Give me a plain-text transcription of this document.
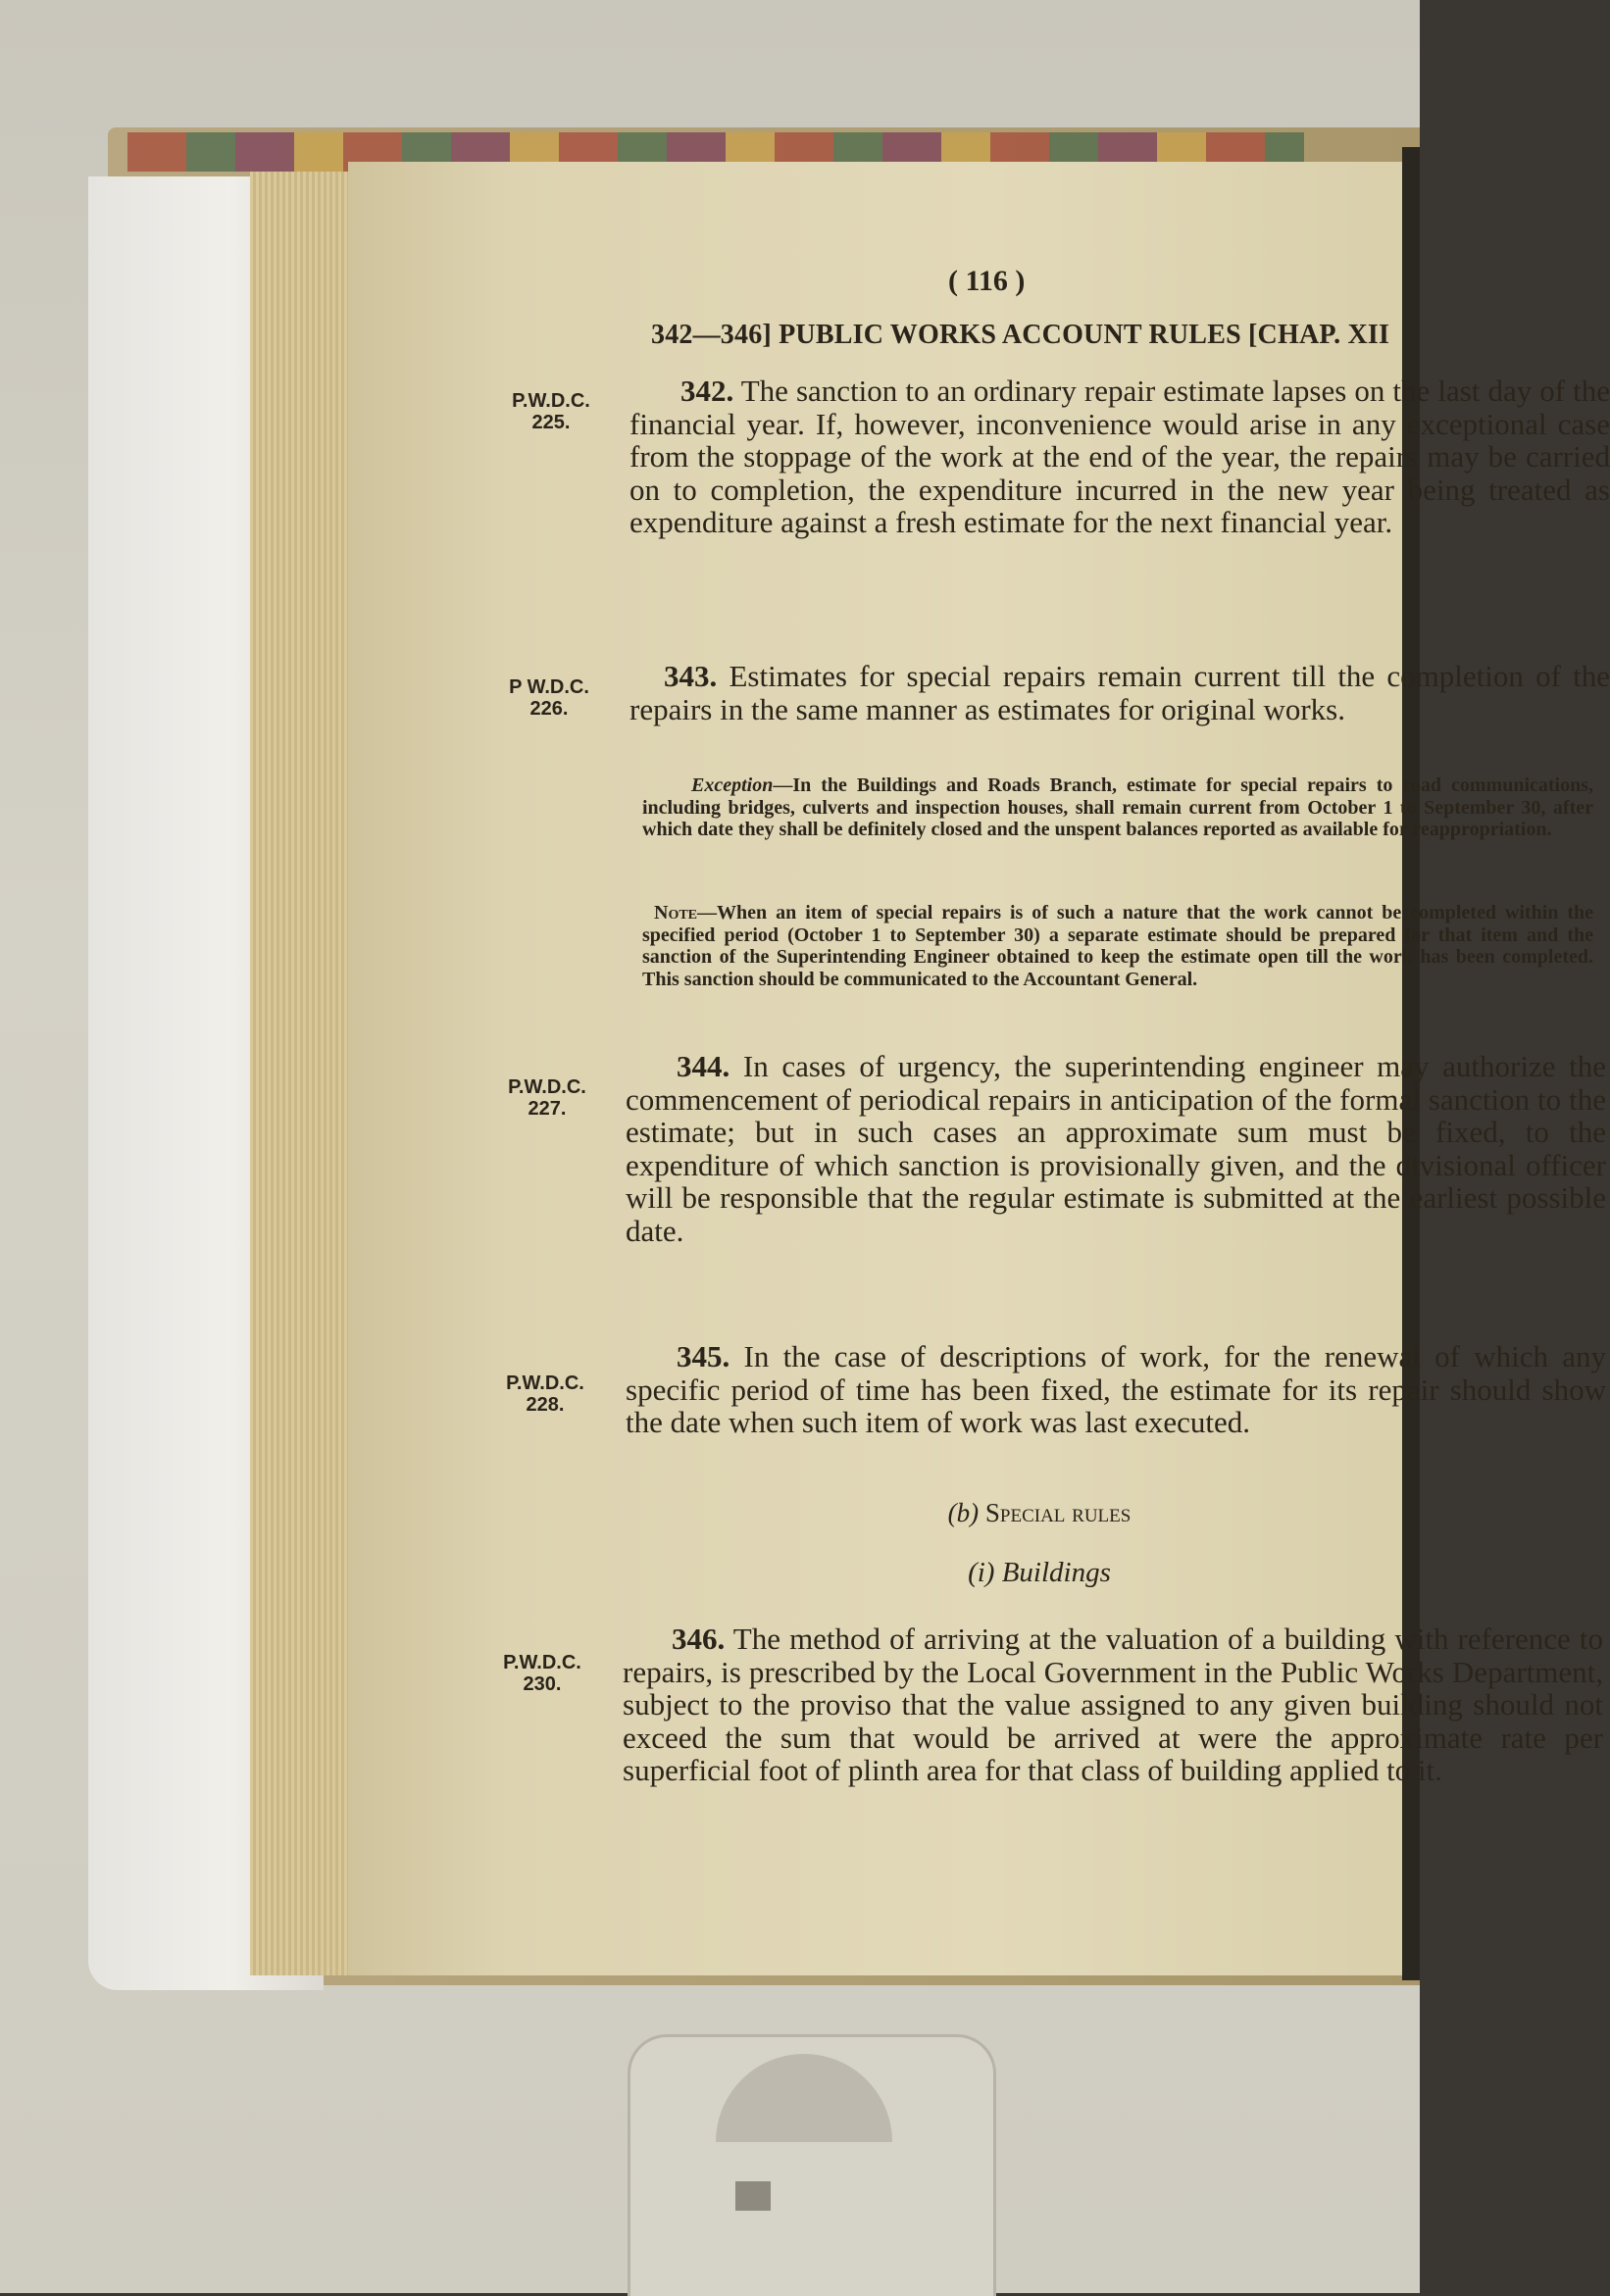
( 116 )
342—346] PUBLIC WORKS ACCOUNT RULES [CHAP. XII
P.W.D.C.
225.
342. The sanction to an ordinary repair estimate lapses on the last day of the financial year. If, however, inconvenience would arise in any exceptional case from the stoppage of the work at the end of the year, the repairs may be carried on to completion, the expenditure incurred in the new year being treated as expenditure against a fresh estimate for the next financial year.
P W.D.C.
226.
343. Estimates for special repairs remain current till the completion of the repairs in the same manner as estimates for original works.
Exception—In the Buildings and Roads Branch, estimate for special repairs to road communications, including bridges, culverts and inspection houses, shall remain current from October 1 to September 30, after which date they shall be definitely closed and the unspent balances reported as available for reappropriation.
Note—When an item of special repairs is of such a nature that the work cannot be completed within the specified period (October 1 to September 30) a separate estimate should be prepared for that item and the sanction of the Superintending Engineer obtained to keep the estimate open till the work has been completed. This sanction should be communicated to the Accountant General.
P.W.D.C.
227.
344. In cases of urgency, the superintending engineer may authorize the commencement of periodical repairs in anticipation of the formal sanction to the estimate; but in such cases an approximate sum must be fixed, to the expenditure of which sanction is provisionally given, and the divisional officer will be responsible that the regular estimate is submitted at the earliest possible date.
P.W.D.C.
228.
345. In the case of descriptions of work, for the renewal of which any specific period of time has been fixed, the estimate for its repair should show the date when such item of work was last executed.
(b) Special rules
(i) Buildings
P.W.D.C.
230.
346. The method of arriving at the valuation of a building with reference to repairs, is prescribed by the Local Government in the Public Works Department, subject to the proviso that the value assigned to any given building should not exceed the sum that would be arrived at were the approximate rate per superficial foot of plinth area for that class of building applied to it.
